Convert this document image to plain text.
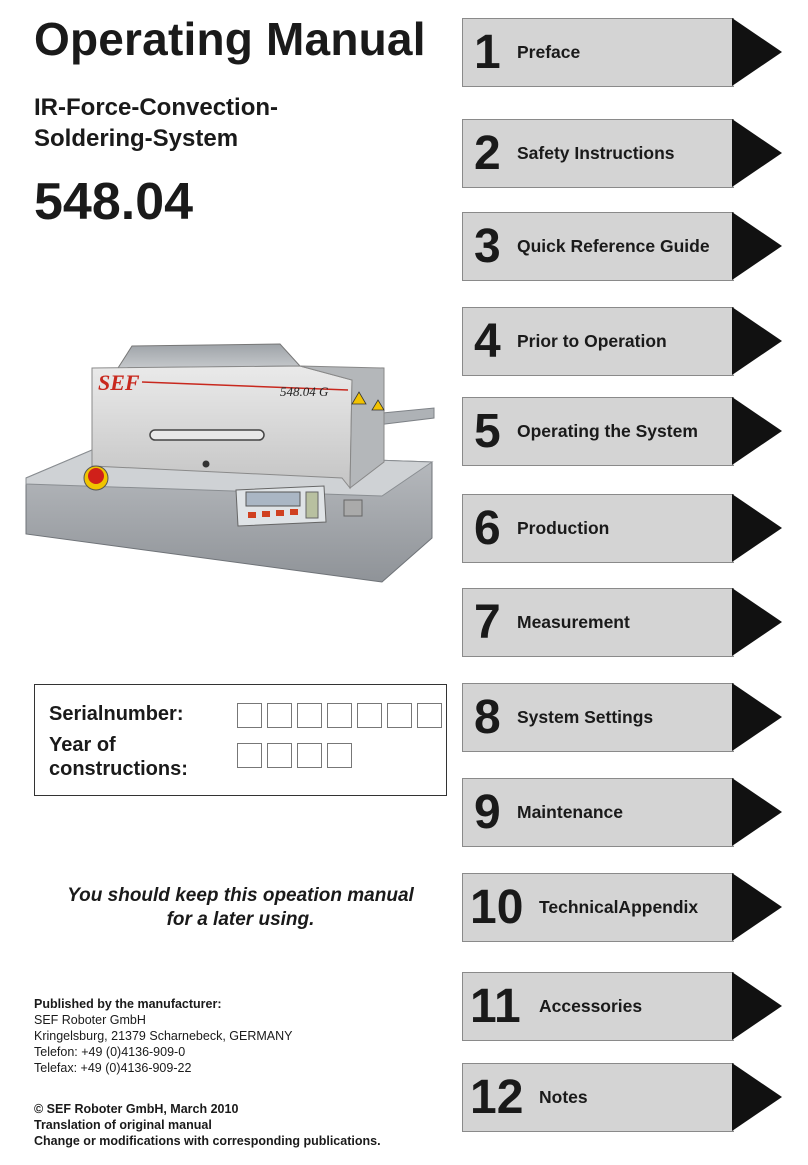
Operating Manual
IR-Force-Convection-
Soldering-System
548.04
SEF	548.04 G
Serialnumber:
Year of
constructions:
You should keep this opeation manual
for a later using.
Published by the manufacturer:
SEF Roboter GmbH
Kringelsburg, 21379 Scharnebeck, GERMANY
Telefon: +49 (0)4136-909-0
Telefax: +49 (0)4136-909-22
© SEF Roboter GmbH, March 2010
Translation of original manual
Change or modifications with corresponding publications.
1 Preface
2 Safety Instructions
3 Quick Reference Guide
4 Prior to Operation
5 Operating the System
6 Production
7 Measurement
8 System Settings
9 Maintenance
10 TechnicalAppendix
11 Accessories
12 Notes
